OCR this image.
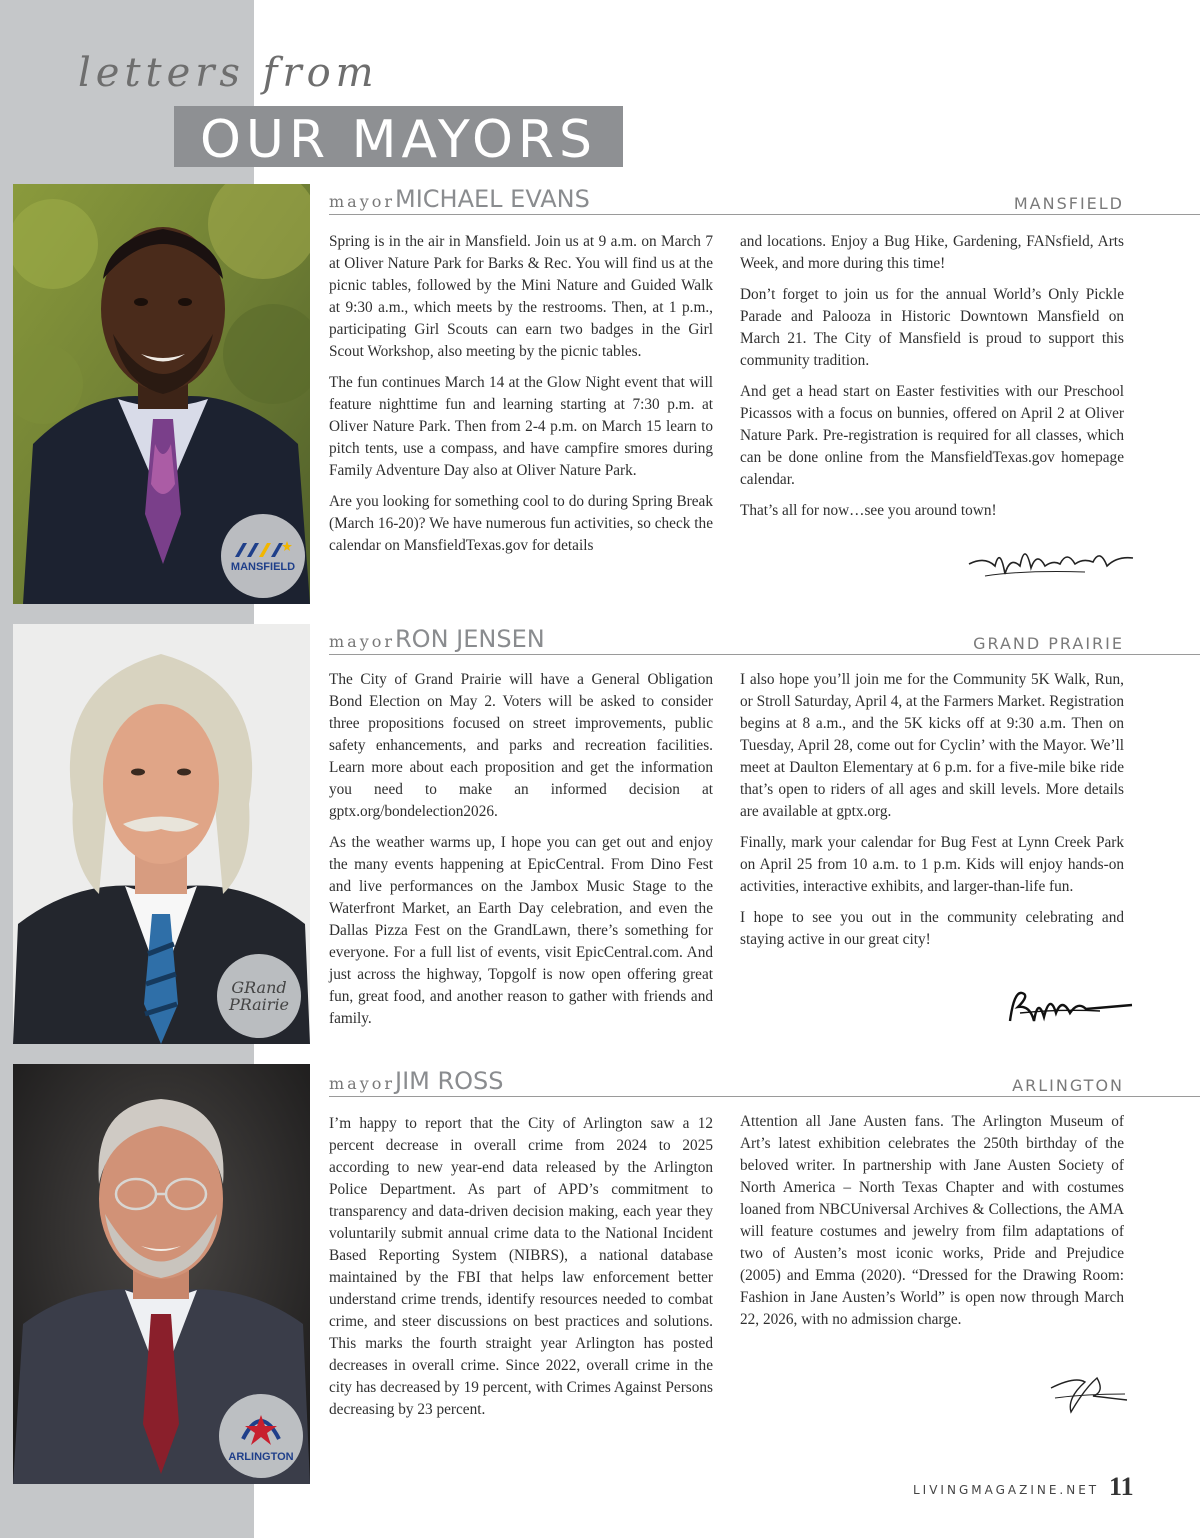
letters from
OUR MAYORS
MANSFIELD
mayor MICHAEL EVANS	MANSFIELD

Spring is in the air in Mansfield. Join us at 9 a.m. on March 7 at Oliver Nature Park for Barks & Rec. You will find us at the picnic tables, followed by the Mini Nature and Guided Walk at 9:30 a.m., which meets by the restrooms. Then, at 1 p.m., participating Girl Scouts can earn two badges in the Girl Scout Workshop, also meeting by the picnic tables.

The fun continues March 14 at the Glow Night event that will feature nighttime fun and learning starting at 7:30 p.m. at Oliver Nature Park. Then from 2-4 p.m. on March 15 learn to pitch tents, use a compass, and have campfire smores during Family Adventure Day also at Oliver Nature Park.

Are you looking for something cool to do during Spring Break (March 16-20)? We have numerous fun activities, so check the calendar on MansfieldTexas.gov for details

and locations. Enjoy a Bug Hike, Gardening, FANsfield, Arts Week, and more during this time!

Don’t forget to join us for the annual World’s Only Pickle Parade and Palooza in Historic Downtown Mansfield on March 21. The City of Mansfield is proud to support this community tradition.

And get a head start on Easter festivities with our Preschool Picassos with a focus on bunnies, offered on April 2 at Oliver Nature Park. Pre-registration is required for all classes, which can be done online from the MansfieldTexas.gov homepage calendar.

That’s all for now…see you around town!

GRand PRairie
mayor RON JENSEN	GRAND PRAIRIE

The City of Grand Prairie will have a General Obligation Bond Election on May 2. Voters will be asked to consider three propositions focused on street improvements, public safety enhancements, and parks and recreation facilities. Learn more about each proposition and get the information you need to make an informed decision at gptx.org/bondelection2026.

As the weather warms up, I hope you can get out and enjoy the many events happening at EpicCentral. From Dino Fest and live performances on the Jambox Music Stage to the Waterfront Market, an Earth Day celebration, and even the Dallas Pizza Fest on the GrandLawn, there’s something for everyone. For a full list of events, visit EpicCentral.com. And just across the highway, Topgolf is now open offering great fun, great food, and another reason to gather with friends and family.

I also hope you’ll join me for the Community 5K Walk, Run, or Stroll Saturday, April 4, at the Farmers Market. Registration begins at 8 a.m., and the 5K kicks off at 9:30 a.m. Then on Tuesday, April 28, come out for Cyclin’ with the Mayor. We’ll meet at Daulton Elementary at 6 p.m. for a five-mile bike ride that’s open to riders of all ages and skill levels. More details are available at gptx.org.

Finally, mark your calendar for Bug Fest at Lynn Creek Park on April 25 from 10 a.m. to 1 p.m. Kids will enjoy hands-on activities, interactive exhibits, and larger-than-life fun.

I hope to see you out in the community celebrating and staying active in our great city!

ARLINGTON
mayor JIM ROSS	ARLINGTON

I’m happy to report that the City of Arlington saw a 12 percent decrease in overall crime from 2024 to 2025 according to new year-end data released by the Arlington Police Department. As part of APD’s commitment to transparency and data-driven decision making, each year they voluntarily submit annual crime data to the National Incident Based Reporting System (NIBRS), a national database maintained by the FBI that helps law enforcement better understand crime trends, identify resources needed to combat crime, and steer discussions on best practices and solutions. This marks the fourth straight year Arlington has posted decreases in overall crime. Since 2022, overall crime in the city has decreased by 19 percent, with Crimes Against Persons decreasing by 23 percent.

Attention all Jane Austen fans. The Arlington Museum of Art’s latest exhibition celebrates the 250th birthday of the beloved writer. In partnership with Jane Austen Society of North America – North Texas Chapter and with costumes loaned from NBCUniversal Archives & Collections, the AMA will feature costumes and jewelry from film adaptations of two of Austen’s most iconic works, Pride and Prejudice (2005) and Emma (2020). “Dressed for the Drawing Room: Fashion in Jane Austen’s World” is open now through March 22, 2026, with no admission charge.

LIVINGMAGAZINE.NET 11
